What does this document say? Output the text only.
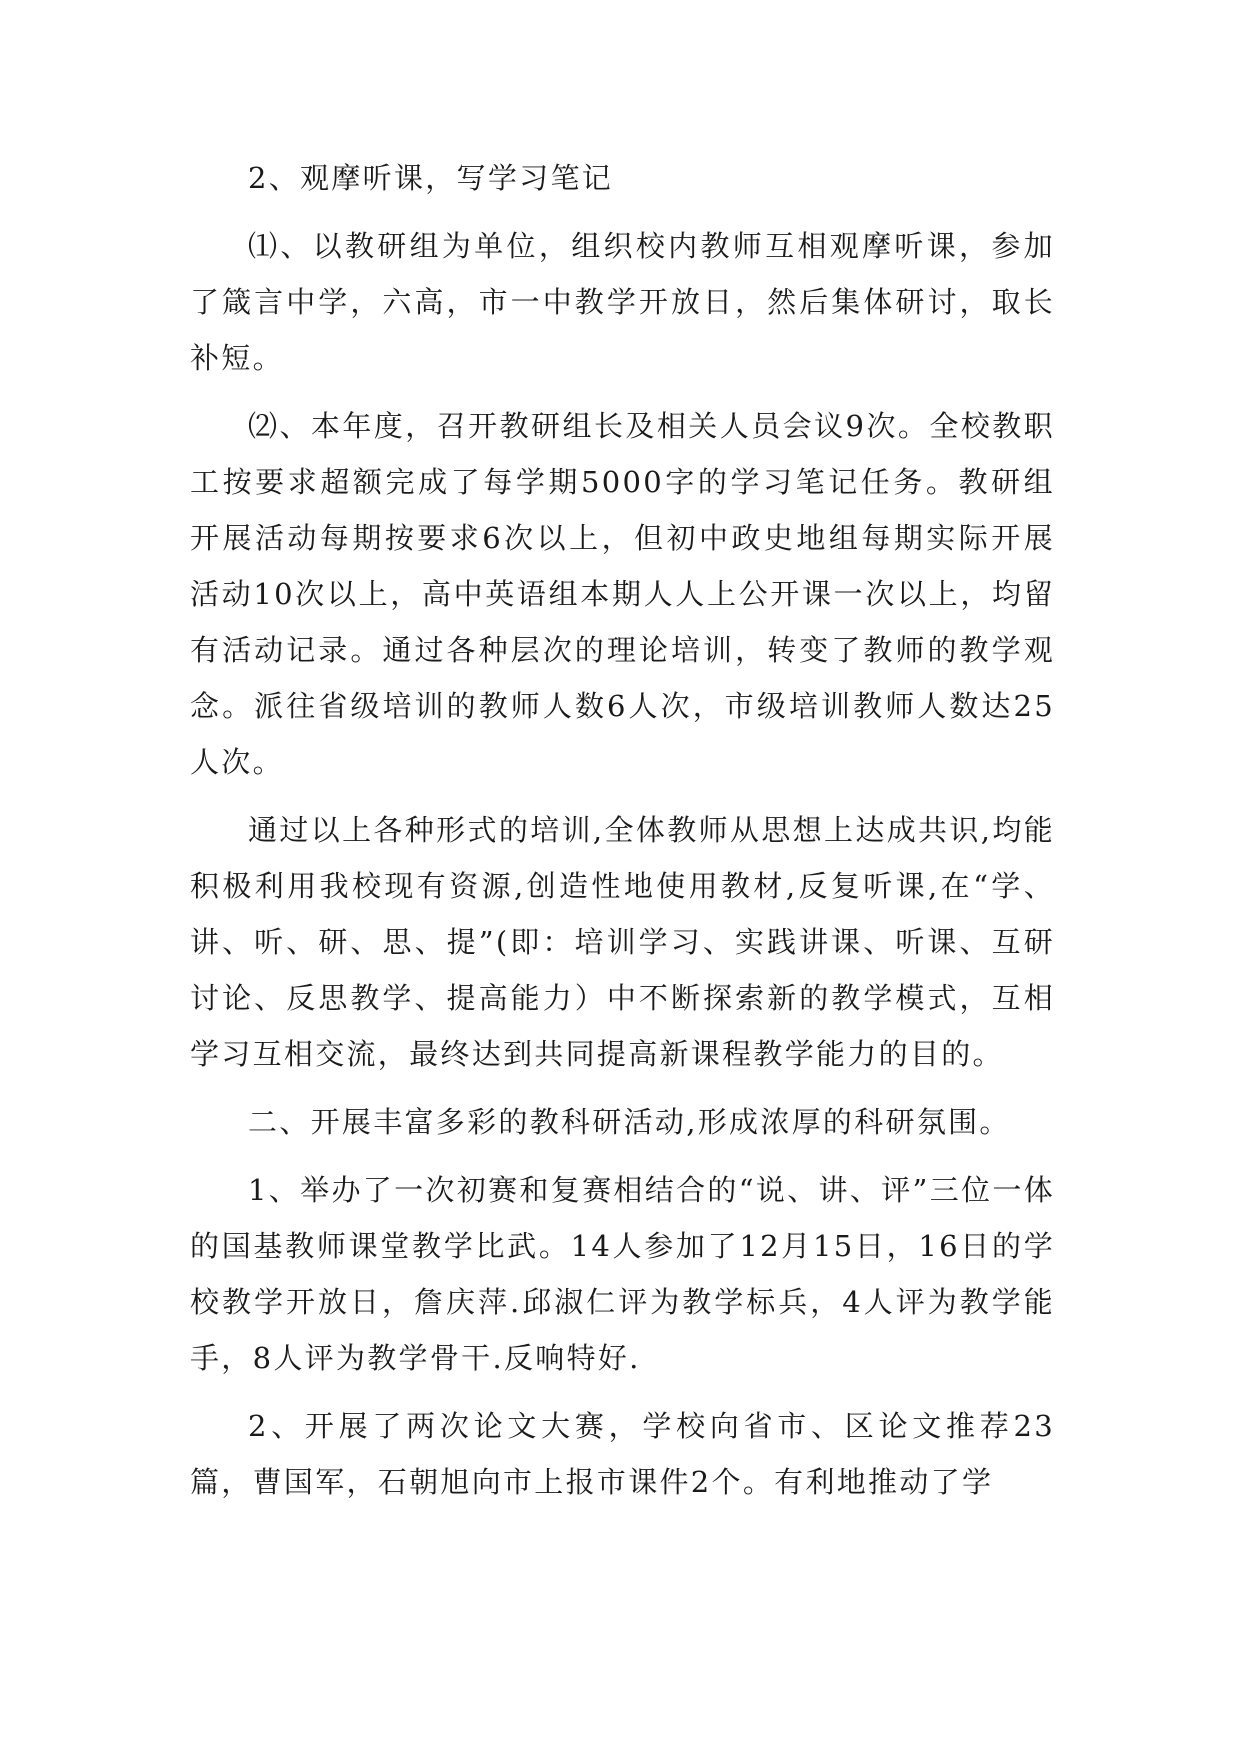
2、观摩听课，写学习笔记

⑴、以教研组为单位，组织校内教师互相观摩听课，参加了箴言中学，六高，市一中教学开放日，然后集体研讨，取长补短。

⑵、本年度，召开教研组长及相关人员会议9次。全校教职工按要求超额完成了每学期5000字的学习笔记任务。教研组开展活动每期按要求6次以上，但初中政史地组每期实际开展活动10次以上，高中英语组本期人人上公开课一次以上，均留有活动记录。通过各种层次的理论培训，转变了教师的教学观念。派往省级培训的教师人数6人次，市级培训教师人数达25人次。

通过以上各种形式的培训,全体教师从思想上达成共识,均能积极利用我校现有资源,创造性地使用教材,反复听课,在“学、讲、听、研、思、提”(即：培训学习、实践讲课、听课、互研讨论、反思教学、提高能力）中不断探索新的教学模式，互相学习互相交流，最终达到共同提高新课程教学能力的目的。

二、开展丰富多彩的教科研活动,形成浓厚的科研氛围。

1、举办了一次初赛和复赛相结合的“说、讲、评”三位一体的国基教师课堂教学比武。14人参加了12月15日，16日的学校教学开放日，詹庆萍.邱淑仁评为教学标兵，4人评为教学能手，8人评为教学骨干.反响特好.

2、开展了两次论文大赛，学校向省市、区论文推荐23篇，曹国军，石朝旭向市上报市课件2个。有利地推动了学
